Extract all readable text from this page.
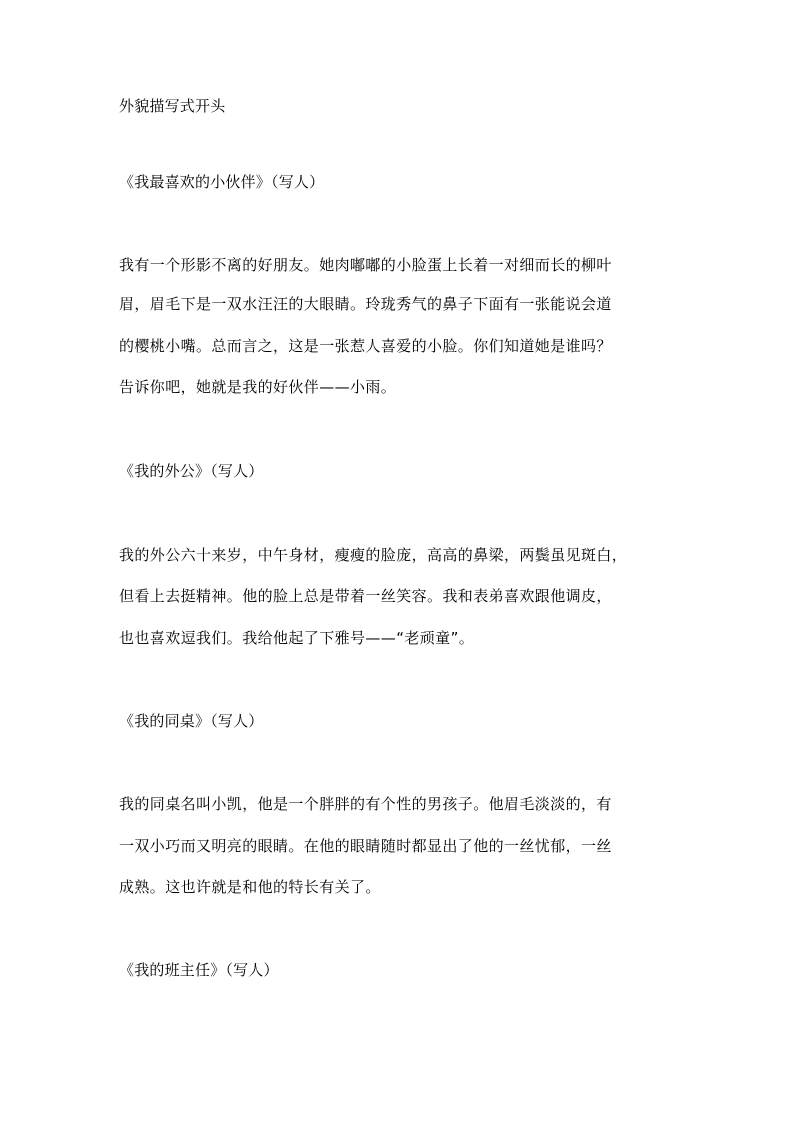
外貌描写式开头
《我最喜欢的小伙伴》（写人）
我有一个形影不离的好朋友。她肉嘟嘟的小脸蛋上长着一对细而长的柳叶
眉，眉毛下是一双水汪汪的大眼睛。玲珑秀气的鼻子下面有一张能说会道
的樱桃小嘴。总而言之，这是一张惹人喜爱的小脸。你们知道她是谁吗？
告诉你吧，她就是我的好伙伴——小雨。
《我的外公》（写人）
我的外公六十来岁，中午身材，瘦瘦的脸庞，高高的鼻梁，两鬓虽见斑白，
但看上去挺精神。他的脸上总是带着一丝笑容。我和表弟喜欢跟他调皮，
也也喜欢逗我们。我给他起了下雅号——“老顽童”。
《我的同桌》（写人）
我的同桌名叫小凯，他是一个胖胖的有个性的男孩子。他眉毛淡淡的，有
一双小巧而又明亮的眼睛。在他的眼睛随时都显出了他的一丝忧郁，一丝
成熟。这也许就是和他的特长有关了。
《我的班主任》（写人）
